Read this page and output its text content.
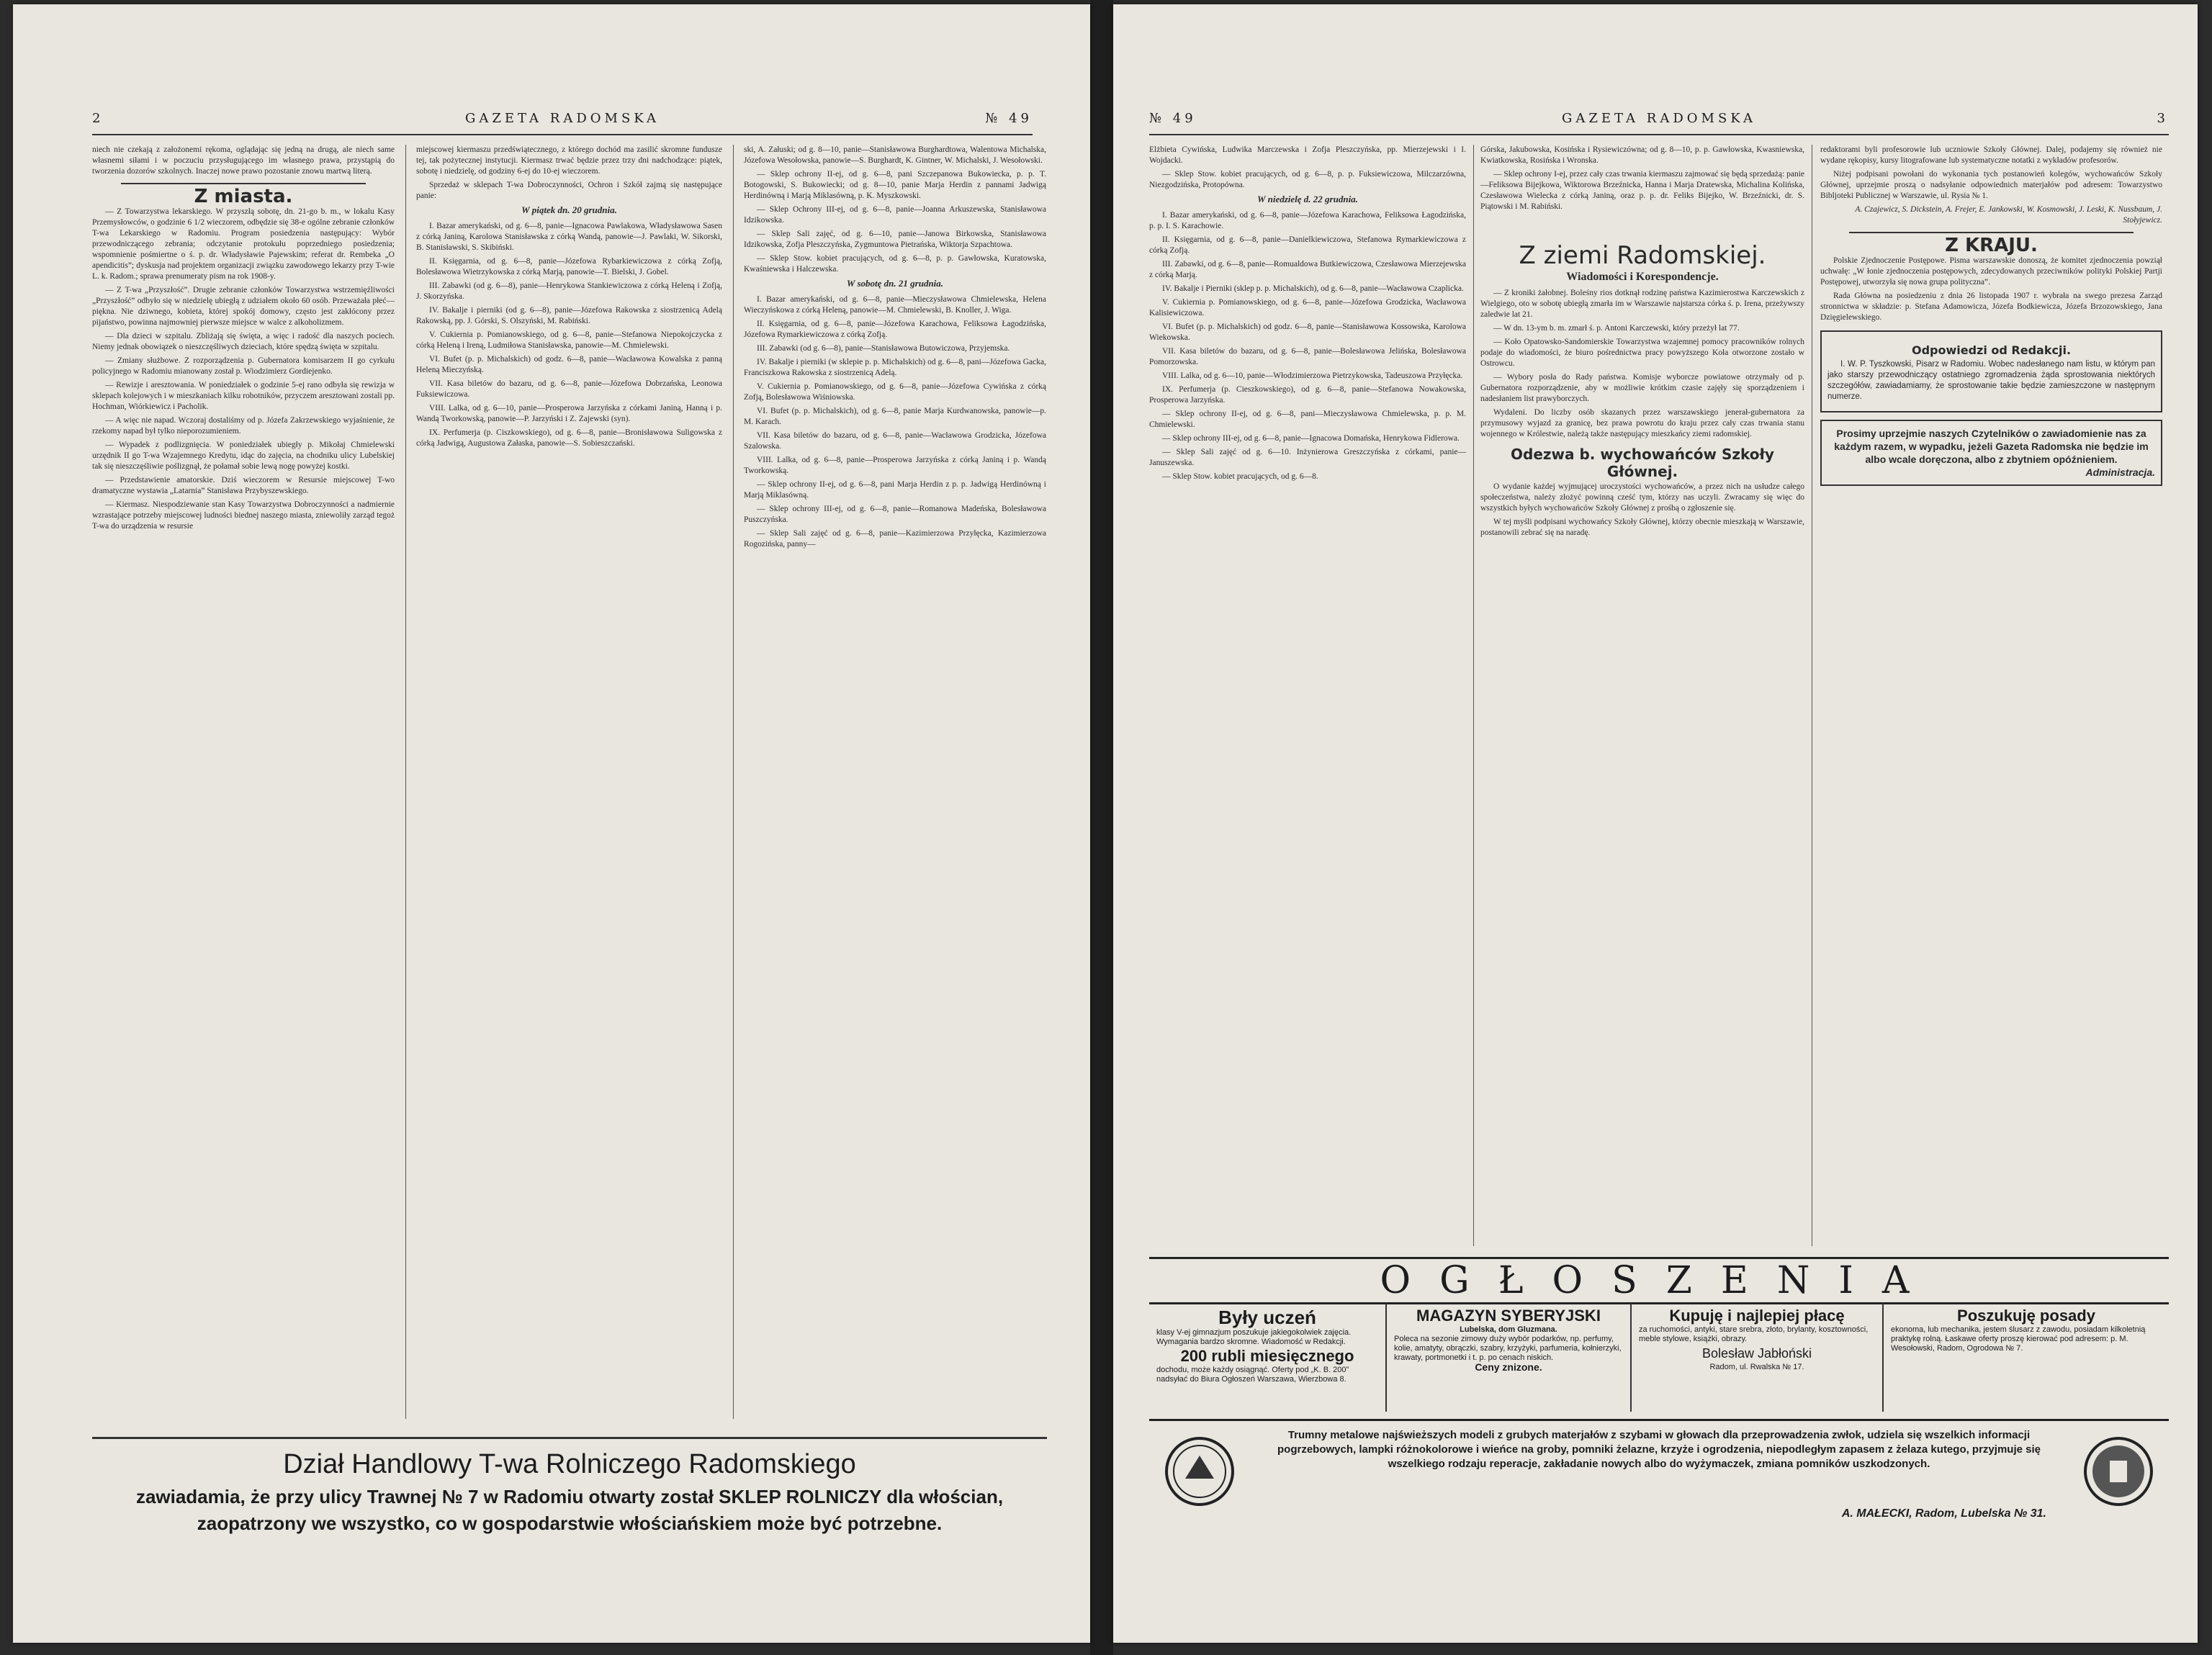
2	GAZETA RADOMSKA	№ 49

niech nie czekają z założonemi rękoma, oglądając się jedną na drugą, ale niech same własnemi siłami i w poczuciu przysługującego im własnego prawa, przystąpią do tworzenia dozorów szkolnych. Inaczej nowe prawo pozostanie znowu martwą literą.

Z miasta.

— Z Towarzystwa lekarskiego. W przyszłą sobotę, dn. 21-go b. m., w lokalu Kasy Przemysłowców, o godzinie 6 1/2 wieczorem, odbędzie się 38-e ogólne zebranie członków T-wa Lekarskiego w Radomiu. Program posiedzenia następujący: Wybór przewodniczącego zebrania; odczytanie protokułu poprzedniego posiedzenia; wspomnienie pośmiertne o ś. p. dr. Władysławie Pajewskim; referat dr. Rembeka „O apendicitis”; dyskusja nad projektem organizacji związku zawodowego lekarzy przy T-wie L. k. Radom.; sprawa prenumeraty pism na rok 1908-y.

— Z T-wa „Przyszłość”. Drugie zebranie członków Towarzystwa wstrzemięźliwości „Przyszłość” odbyło się w niedzielę ubiegłą z udziałem około 60 osób. Przeważała płeć—piękna. Nie dziwnego, kobieta, której spokój domowy, często jest zakłócony przez pijaństwo, powinna najmowniej pierwsze miejsce w walce z alkoholizmem.

— Dla dzieci w szpitalu. Zbliżają się święta, a więc i radość dla naszych pociech. Niemy jednak obowiązek o nieszczęśliwych dzieciach, które spędzą święta w szpitalu.

— Zmiany służbowe. Z rozporządzenia p. Gubernatora komisarzem II go cyrkułu policyjnego w Radomiu mianowany został p. Wiodzimierz Gordiejenko.

— Rewizje i aresztowania. W poniedziałek o godzinie 5-ej rano odbyła się rewizja w sklepach kolejowych i w mieszkaniach kilku robotników, przyczem aresztowani zostali pp. Hochman, Wiórkiewicz i Pacholik.

— A więc nie napad. Wczoraj dostaliśmy od p. Józefa Zakrzewskiego wyjaśnienie, że rzekomy napad był tylko nieporozumieniem.

— Wypadek z podlizgnięcia. W poniedziałek ubiegły p. Mikołaj Chmielewski urzędnik II go T-wa Wzajemnego Kredytu, idąc do zajęcia, na chodniku ulicy Lubelskiej tak się nieszczęśliwie poślizgnął, że połamał sobie lewą nogę powyżej kostki.

— Przedstawienie amatorskie. Dziś wieczorem w Resursie miejscowej T-wo dramatyczne wystawia „Latarnia” Stanisława Przybyszewskiego.

— Kiermasz. Niespodziewanie stan Kasy Towarzystwa Dobroczynności a nadmiernie wzrastające potrzeby miejscowej ludności biednej naszego miasta, zniewoliły zarząd tegoż T-wa do urządzenia w resursie

miejscowej kiermaszu przedświątecznego, z którego dochód ma zasilić skromne fundusze tej, tak pożytecznej instytucji. Kiermasz trwać będzie przez trzy dni nadchodzące: piątek, sobotę i niedzielę, od godziny 6-ej do 10-ej wieczorem.

Sprzedaż w sklepach T-wa Dobroczynności, Ochron i Szkół zajmą się następujące panie:

W piątek dn. 20 grudnia.

I. Bazar amerykański, od g. 6—8, panie—Ignacowa Pawlakowa, Władysławowa Sasen z córką Janiną, Karolowa Stanisławska z córką Wandą, panowie—J. Pawlaki, W. Sikorski, B. Stanisławski, S. Skibiński.

II. Księgarnia, od g. 6—8, panie—Józefowa Rybarkiewiczowa z córką Zofją, Bolesławowa Wietrzykowska z córką Marją, panowie—T. Bielski, J. Gobel.

III. Zabawki (od g. 6—8), panie—Henrykowa Stankiewiczowa z córką Heleną i Zofją, J. Skorzyńska.

IV. Bakalje i pierniki (od g. 6—8), panie—Józefowa Rakowska z siostrzenicą Adelą Rakowską, pp. J. Górski, S. Olszyński, M. Rabiński.

V. Cukiernia p. Pomianowskiego, od g. 6—8, panie—Stefanowa Niepokojczycka z córką Heleną i Ireną, Ludmiłowa Stanisławska, panowie—M. Chmielewski.

VI. Bufet (p. p. Michalskich) od godz. 6—8, panie—Wacławowa Kowalska z panną Heleną Mieczyńską.

VII. Kasa biletów do bazaru, od g. 6—8, panie—Józefowa Dobrzańska, Leonowa Fuksiewiczowa.

VIII. Lalka, od g. 6—10, panie—Prosperowa Jarzyńska z córkami Janiną, Hanną i p. Wandą Tworkowską, panowie—P. Jarzyński i Z. Zajewski (syn).

IX. Perfumerja (p. Ciszkowskiego), od g. 6—8, panie—Bronisławowa Suligowska z córką Jadwigą, Augustowa Załaska, panowie—S. Sobieszczański.

ski, A. Załuski; od g. 8—10, panie—Stanisławowa Burghardtowa, Walentowa Michalska, Józefowa Wesołowska, panowie—S. Burghardt, K. Gintner, W. Michalski, J. Wesołowski.

— Sklep ochrony II-ej, od g. 6—8, pani Szczepanowa Bukowiecka, p. p. T. Botogowski, S. Bukowiecki; od g. 8—10, panie Marja Herdin z pannami Jadwigą Herdinówną i Marją Miklasówną, p. K. Myszkowski.

— Sklep Ochrony III-ej, od g. 6—8, panie—Joanna Arkuszewska, Stanisławowa Idzikowska.

— Sklep Sali zajęć, od g. 6—10, panie—Janowa Birkowska, Stanisławowa Idzikowska, Zofja Pleszczyńska, Zygmuntowa Pietrańska, Wiktorja Szpachtowa.

— Sklep Stow. kobiet pracujących, od g. 6—8, p. p. Gawłowska, Kuratowska, Kwaśniewska i Halczewska.

W sobotę dn. 21 grudnia.

I. Bazar amerykański, od g. 6—8, panie—Mieczysławowa Chmielewska, Helena Wieczyńskowa z córką Heleną, panowie—M. Chmielewski, B. Knoller, J. Wiga.

II. Księgarnia, od g. 6—8, panie—Józefowa Karachowa, Feliksowa Łagodzińska, Józefowa Rymarkiewiczowa z córką Zofją.

III. Zabawki (od g. 6—8), panie—Stanisławowa Butowiczowa, Przyjemska.

IV. Bakalje i pierniki (w sklepie p. p. Michalskich) od g. 6—8, pani—Józefowa Gacka, Franciszkowa Rakowska z siostrzenicą Adelą.

V. Cukiernia p. Pomianowskiego, od g. 6—8, panie—Józefowa Cywińska z córką Zofją, Bolesławowa Wiśniowska.

VI. Bufet (p. p. Michalskich), od g. 6—8, panie Marja Kurdwanowska, panowie—p. M. Karach.

VII. Kasa biletów do bazaru, od g. 6—8, panie—Wacławowa Grodzicka, Józefowa Szalowska.

VIII. Lalka, od g. 6—8, panie—Prosperowa Jarzyńska z córką Janiną i p. Wandą Tworkowską.

— Sklep ochrony II-ej, od g. 6—8, pani Marja Herdin z p. p. Jadwigą Herdinówną i Marją Miklasówną.

— Sklep ochrony III-ej, od g. 6—8, panie—Romanowa Madeńska, Bolesławowa Puszczyńska.

— Sklep Sali zajęć od g. 6—8, panie—Kazimierzowa Przyłęcka, Kazimierzowa Rogozińska, panny—

Dział Handlowy T-wa Rolniczego Radomskiego
zawiadamia, że przy ulicy Trawnej № 7 w Radomiu otwarty został SKLEP ROLNICZY dla włościan,
zaopatrzony we wszystko, co w gospodarstwie włościańskiem może być potrzebne.
№ 49	GAZETA RADOMSKA	3

Elżbieta Cywińska, Ludwika Marczewska i Zofja Pleszczyńska, pp. Mierzejewski i I. Wojdacki.

— Sklep Stow. kobiet pracujących, od g. 6—8, p. p. Fuksiewiczowa, Milczarzówna, Niezgodzińska, Protopówna.

W niedzielę d. 22 grudnia.

I. Bazar amerykański, od g. 6—8, panie—Józefowa Karachowa, Feliksowa Łagodzińska, p. p. I. S. Karachowie.

II. Księgarnia, od g. 6—8, panie—Danielkiewiczowa, Stefanowa Rymarkiewiczowa z córką Zofją.

III. Zabawki, od g. 6—8, panie—Romualdowa Butkiewiczowa, Czesławowa Mierzejewska z córką Marją.

IV. Bakalje i Pierniki (sklep p. p. Michalskich), od g. 6—8, panie—Wacławowa Czaplicka.

V. Cukiernia p. Pomianowskiego, od g. 6—8, panie—Józefowa Grodzicka, Wacławowa Kalisiewiczowa.

VI. Bufet (p. p. Michalskich) od godz. 6—8, panie—Stanisławowa Kossowska, Karolowa Wiekowska.

VII. Kasa biletów do bazaru, od g. 6—8, panie—Bolesławowa Jelińska, Bolesławowa Pomorzowska.

VIII. Lalka, od g. 6—10, panie—Włodzimierzowa Pietrzykowska, Tadeuszowa Przyłęcka.

IX. Perfumerja (p. Cieszkowskiego), od g. 6—8, panie—Stefanowa Nowakowska, Prosperowa Jarzyńska.

— Sklep ochrony II-ej, od g. 6—8, pani—Mieczysławowa Chmielewska, p. p. M. Chmielewski.

— Sklep ochrony III-ej, od g. 6—8, panie—Ignacowa Domańska, Henrykowa Fidlerowa.

— Sklep Sali zajęć od g. 6—10. Inżynierowa Greszczyńska z córkami, panie—Januszewska.

— Sklep Stow. kobiet pracujących, od g. 6—8.

Górska, Jakubowska, Kosińska i Rysiewiczówna; od g. 8—10, p. p. Gawłowska, Kwasniewska, Kwiatkowska, Rosińska i Wronska.

— Sklep ochrony I-ej, przez cały czas trwania kiermaszu zajmować się będą sprzedażą: panie—Feliksowa Bijejkowa, Wiktorowa Brzeźnicka, Hanna i Marja Dratewska, Michalina Kolińska, Czesławowa Wielecka z córką Janiną, oraz p. p. dr. Feliks Bijejko, W. Brzeźnicki, dr. S. Piątowski i M. Rabiński.

Z ziemi Radomskiej.
Wiadomości i Korespondencje.

— Z kroniki żałobnej. Boleśny rios dotknął rodzinę państwa Kazimierostwa Karczewskich z Wielgiego, oto w sobotę ubiegłą zmarła im w Warszawie najstarsza córka ś. p. Irena, przeżywszy zaledwie lat 21.

— W dn. 13-ym b. m. zmarł ś. p. Antoni Karczewski, który przeżył lat 77.

— Koło Opatowsko-Sandomierskie Towarzystwa wzajemnej pomocy pracowników rolnych podaje do wiadomości, że biuro pośrednictwa pracy powyższego Koła otworzone zostało w Ostrowcu.

— Wybory posła do Rady państwa. Komisje wyborcze powiatowe otrzymały od p. Gubernatora rozporządzenie, aby w możliwie krótkim czasie zajęły się sporządzeniem i nadesłaniem list prawyborczych.

Wydaleni. Do liczby osób skazanych przez warszawskiego jenerał-gubernatora za przymusowy wyjazd za granicę, bez prawa powrotu do kraju przez cały czas trwania stanu wojennego w Królestwie, należą także następujący mieszkańcy ziemi radomskiej.

Odezwa b. wychowańców Szkoły Głównej.

O wydanie każdej wyjmującej uroczystości wychowańców, a przez nich na usłudze całego społeczeństwa, należy złożyć powinną cześć tym, którzy nas uczyli. Zwracamy się więc do wszystkich byłych wychowańców Szkoły Głównej z prośbą o zgłoszenie się.

W tej myśli podpisani wychowańcy Szkoły Głównej, którzy obecnie mieszkają w Warszawie, postanowili zebrać się na naradę.

redaktorami byli profesorowie lub uczniowie Szkoły Głównej. Dalej, podajemy się również nie wydane rękopisy, kursy litografowane lub systematyczne notatki z wykładów profesorów.

Niżej podpisani powołani do wykonania tych postanowień kolegów, wychowańców Szkoły Głównej, uprzejmie proszą o nadsyłanie odpowiednich materjałów pod adresem: Towarzystwo Bibljoteki Publicznej w Warszawie, ul. Rysia № 1.

A. Czajewicz, S. Dickstein, A. Frejer, E. Jankowski, W. Kosmowski, J. Leski, K. Nussbaum, J. Stołyjewicz.

Z KRAJU.

Polskie Zjednoczenie Postępowe. Pisma warszawskie donoszą, że komitet zjednoczenia powziął uchwałę: „W łonie zjednoczenia postępowych, zdecydowanych przeciwników polityki Polskiej Partji Postępowej, utworzyła się nowa grupa polityczna”.

Rada Główna na posiedzeniu z dnia 26 listopada 1907 r. wybrała na swego prezesa Zarząd stronnictwa w składzie: p. Stefana Adamowicza, Józefa Bodkiewicza, Józefa Brzozowskiego, Jana Dzięgielewskiego.

Odpowiedzi od Redakcji.

I. W. P. Tyszkowski, Pisarz w Radomiu. Wobec nadesłanego nam listu, w którym pan jako starszy przewodniczący ostatniego zgromadzenia żąda sprostowania niektórych szczegółów, zawiadamiamy, że sprostowanie takie będzie zamieszczone w następnym numerze.

Prosimy uprzejmie naszych Czytelników o zawiadomienie nas za każdym razem, w wypadku, jeżeli Gazeta Radomska nie będzie im albo wcale doręczona, albo z zbytniem opóźnieniem.
Administracja.
OGŁOSZENIA
Były uczeń
klasy V-ej gimnazjum poszukuje jakiegokolwiek zajęcia. Wymagania bardzo skromne. Wiadomość w Redakcji.
200 rubli miesięcznego
dochodu, może każdy osiągnąć. Oferty pod „K. B. 200” nadsyłać do Biura Ogłoszeń Warszawa, Wierzbowa 8.
MAGAZYN SYBERYJSKI
Lubelska, dom Gluzmana.
Poleca na sezonie zimowy duży wybór podarków, np. perfumy, kolie, amatyty, obrączki, szabry, krzyżyki, parfumeria, kołnierzyki, krawaty, portmonetki i t. p. po cenach niskich.
Ceny znizone.
Kupuję i najlepiej płacę
za ruchomości, antyki, stare srebra, złoto, brylanty, kosztowności, meble stylowe, książki, obrazy.
Bolesław Jabłoński
Radom, ul. Rwalska № 17.
Poszukuję posady
ekonoma, lub mechanika, jestem ślusarz z zawodu, posiadam kilkoletnią praktykę rolną. Łaskawe oferty proszę kierować pod adresem: p. M. Wesołowski, Radom, Ogrodowa № 7.
Trumny metalowe najświeższych modeli z grubych materjałów z szybami w głowach dla przeprowadzenia zwłok, udziela się wszelkich informacji pogrzebowych, lampki różnokolorowe i wieńce na groby, pomniki żelazne, krzyże i ogrodzenia, niepodległym zapasem z żelaza kutego, przyjmuje się wszelkiego rodzaju reperacje, zakładanie nowych albo do wyżymaczek, zmiana pomników uszkodzonych.
A. MAŁECKI, Radom, Lubelska № 31.
